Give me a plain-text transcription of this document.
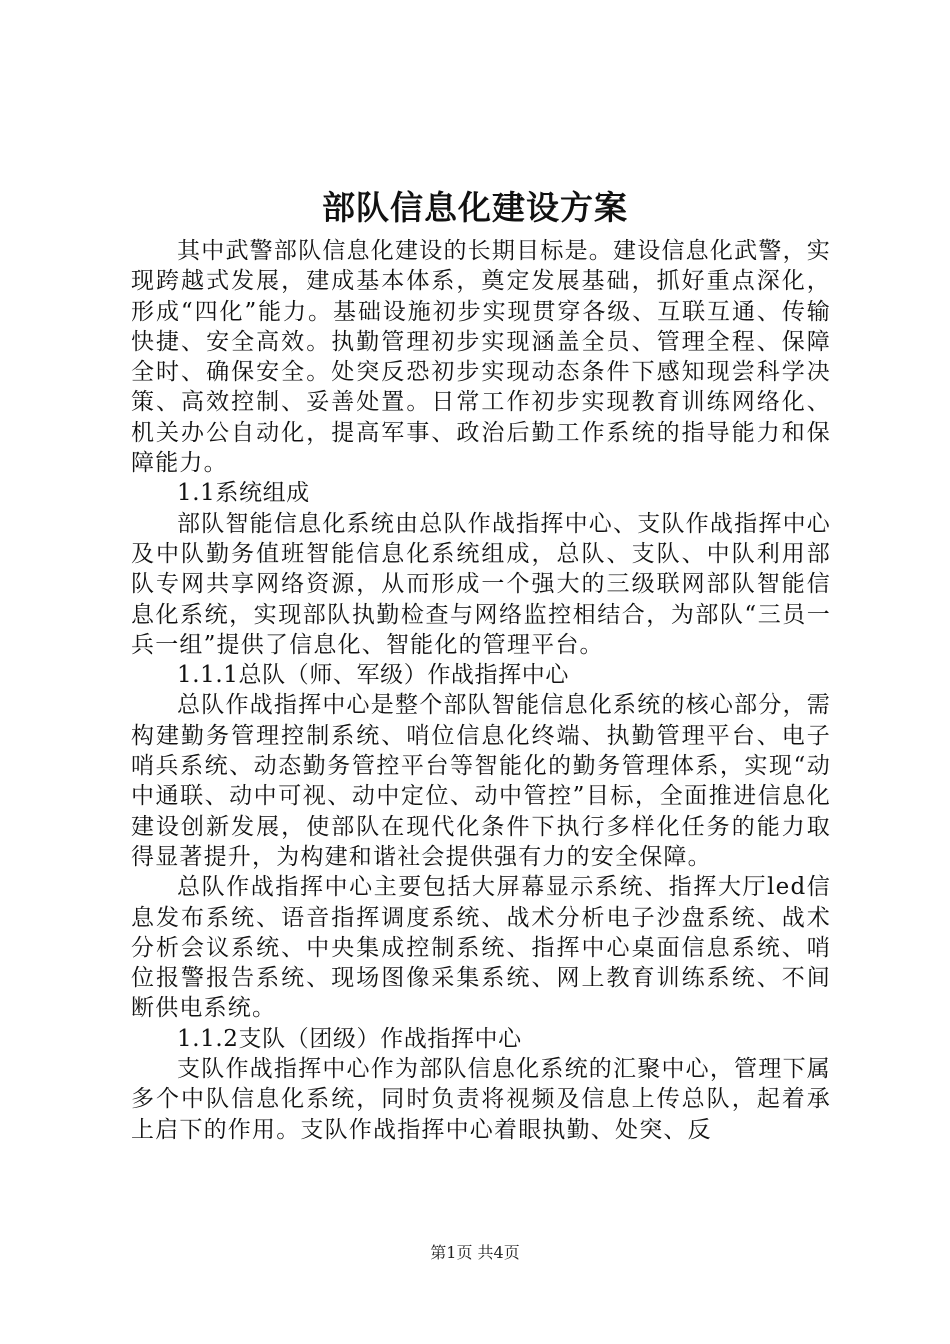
部队信息化建设方案

其中武警部队信息化建设的长期目标是。建设信息化武警，实现跨越式发展，建成基本体系，奠定发展基础，抓好重点深化，形成“四化”能力。基础设施初步实现贯穿各级、互联互通、传输快捷、安全高效。执勤管理初步实现涵盖全员、管理全程、保障全时、确保安全。处突反恐初步实现动态条件下感知现尝科学决策、高效控制、妥善处置。日常工作初步实现教育训练网络化、机关办公自动化，提高军事、政治后勤工作系统的指导能力和保障能力。

1.1系统组成

部队智能信息化系统由总队作战指挥中心、支队作战指挥中心及中队勤务值班智能信息化系统组成，总队、支队、中队利用部队专网共享网络资源，从而形成一个强大的三级联网部队智能信息化系统，实现部队执勤检查与网络监控相结合，为部队“三员一兵一组”提供了信息化、智能化的管理平台。

1.1.1总队（师、军级）作战指挥中心

总队作战指挥中心是整个部队智能信息化系统的核心部分，需构建勤务管理控制系统、哨位信息化终端、执勤管理平台、电子哨兵系统、动态勤务管控平台等智能化的勤务管理体系，实现“动中通联、动中可视、动中定位、动中管控”目标，全面推进信息化建设创新发展，使部队在现代化条件下执行多样化任务的能力取得显著提升，为构建和谐社会提供强有力的安全保障。

总队作战指挥中心主要包括大屏幕显示系统、指挥大厅led信息发布系统、语音指挥调度系统、战术分析电子沙盘系统、战术分析会议系统、中央集成控制系统、指挥中心桌面信息系统、哨位报警报告系统、现场图像采集系统、网上教育训练系统、不间断供电系统。

1.1.2支队（团级）作战指挥中心

支队作战指挥中心作为部队信息化系统的汇聚中心，管理下属多个中队信息化系统，同时负责将视频及信息上传总队，起着承上启下的作用。支队作战指挥中心着眼执勤、处突、反

第1页 共4页
